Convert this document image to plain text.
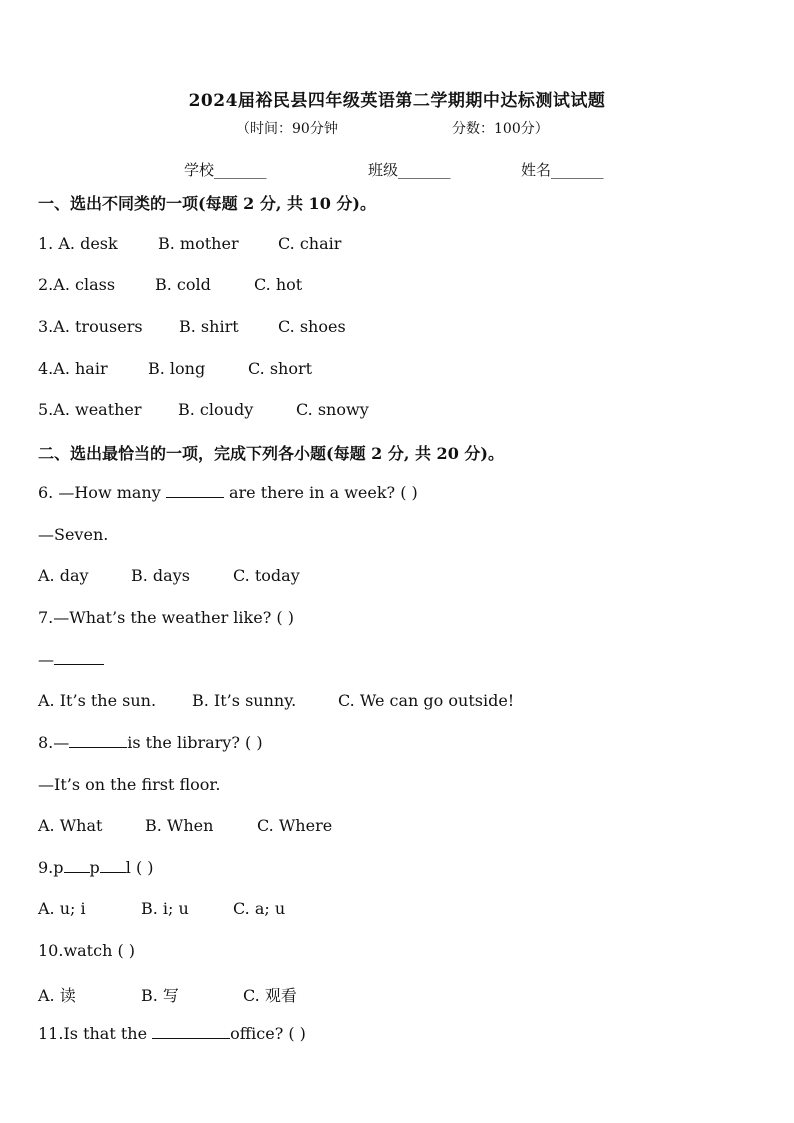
2024届裕民县四年级英语第二学期期中达标测试试题
（时间：90分钟	分数：100分）
学校_______	班级_______	姓名_______
一、选出不同类的一项(每题 2 分, 共 10 分)。
1. A. desk	B. mother C. chair
2.A. class B. cold	C. hot
3.A. trousers B. shirt C. shoes
4.A. hair	B. long	C. short
5.A. weather B. cloudy	C. snowy
二、选出最恰当的一项，完成下列各小题(每题 2 分, 共 20 分)。
6. —How many	are there in a week? ( )
—Seven.
A. day	B. days	C. today
7.—What’s the weather like? ( )
—
A. It’s the sun. B. It’s sunny.	C. We can go outside!
8.—	is the library? ( )
—It’s on the first floor.
A. What	B. When	C. Where
9.p p l ( )
A. u; i	B. i; u	C. a; u
10.watch ( )
A. 读	B. 写	C. 观看
11.Is that the	office? ( )
